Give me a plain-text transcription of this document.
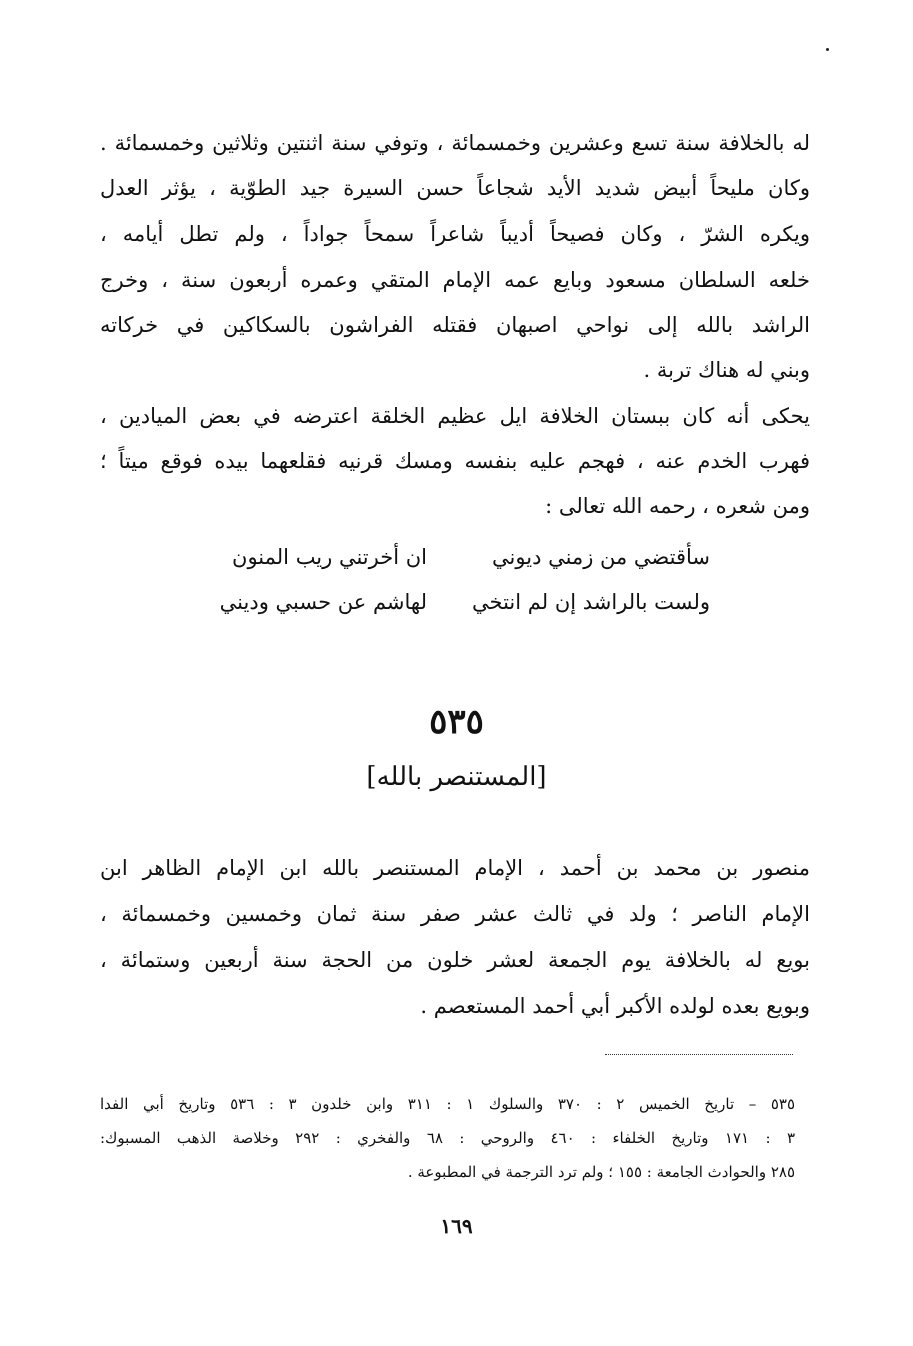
له بالخلافة سنة تسع وعشرين وخمسمائة ، وتوفي سنة اثنتين وثلاثين وخمسمائة .
وكان مليحاً أبيض شديد الأيد شجاعاً حسن السيرة جيد الطوّية ، يؤثر العدل
ويكره الشرّ ، وكان فصيحاً أديباً شاعراً سمحاً جواداً ، ولم تطل أيامه ،
خلعه السلطان مسعود وبايع عمه الإمام المتقي وعمره أربعون سنة ، وخرج
الراشد بالله إلى نواحي اصبهان فقتله الفراشون بالسكاكين في خركاته
وبني له هناك تربة .
يحكى أنه كان ببستان الخلافة ايل عظيم الخلقة اعترضه في بعض الميادين ،
فهرب الخدم عنه ، فهجم عليه بنفسه ومسك قرنيه فقلعهما بيده فوقع ميتاً ؛
ومن شعره ، رحمه الله تعالى :
سأقتضي من زمني ديوني
ان أخرتني ريب المنون
ولست بالراشد إن لم انتخي
لهاشم عن حسبي وديني
٥٣٥
[المستنصر بالله]
منصور بن محمد بن أحمد ، الإمام المستنصر بالله ابن الإمام الظاهر ابن
الإمام الناصر ؛ ولد في ثالث عشر صفر سنة ثمان وخمسين وخمسمائة ،
بويع له بالخلافة يوم الجمعة لعشر خلون من الحجة سنة أربعين وستمائة ،
وبويع بعده لولده الأكبر أبي أحمد المستعصم .
٥٣٥ – تاريخ الخميس ٢ : ٣٧٠ والسلوك ١ : ٣١١ وابن خلدون ٣ : ٥٣٦ وتاريخ أبي الفدا
٣ : ١٧١ وتاريخ الخلفاء : ٤٦٠ والروحي : ٦٨ والفخري : ٢٩٢ وخلاصة الذهب المسبوك:
٢٨٥ والحوادث الجامعة : ١٥٥ ؛ ولم ترد الترجمة في المطبوعة .
١٦٩
